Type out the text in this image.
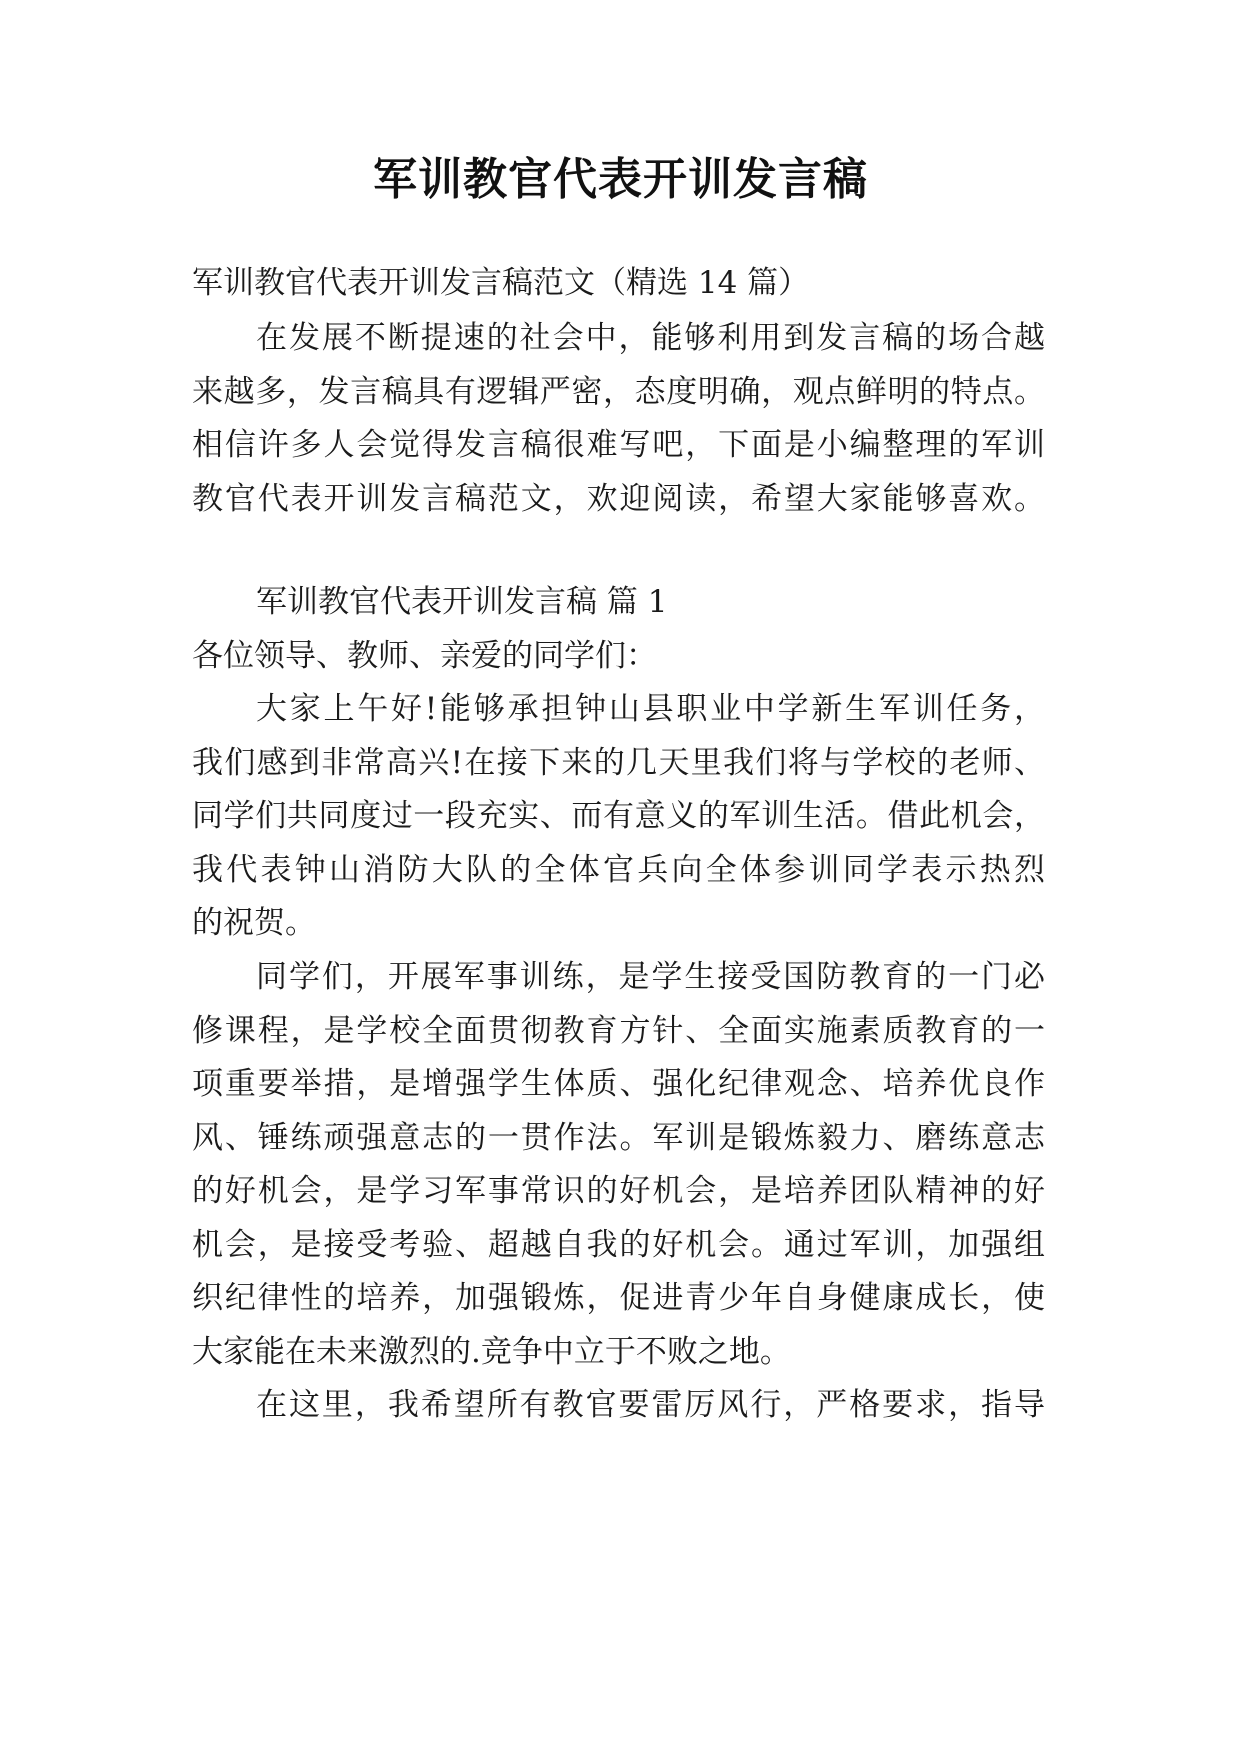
军训教官代表开训发言稿
军训教官代表开训发言稿范文（精选 14 篇）
在发展不断提速的社会中，能够利用到发言稿的场合越
来越多，发言稿具有逻辑严密，态度明确，观点鲜明的特点。
相信许多人会觉得发言稿很难写吧，下面是小编整理的军训
教官代表开训发言稿范文，欢迎阅读，希望大家能够喜欢。
军训教官代表开训发言稿 篇 1
各位领导、教师、亲爱的同学们：
大家上午好!能够承担钟山县职业中学新生军训任务，
我们感到非常高兴!在接下来的几天里我们将与学校的老师、
同学们共同度过一段充实、而有意义的军训生活。借此机会，
我代表钟山消防大队的全体官兵向全体参训同学表示热烈
的祝贺。
同学们，开展军事训练，是学生接受国防教育的一门必
修课程，是学校全面贯彻教育方针、全面实施素质教育的一
项重要举措，是增强学生体质、强化纪律观念、培养优良作
风、锤练顽强意志的一贯作法。军训是锻炼毅力、磨练意志
的好机会，是学习军事常识的好机会，是培养团队精神的好
机会，是接受考验、超越自我的好机会。通过军训，加强组
织纪律性的培养，加强锻炼，促进青少年自身健康成长，使
大家能在未来激烈的.竞争中立于不败之地。
在这里，我希望所有教官要雷厉风行，严格要求，指导
